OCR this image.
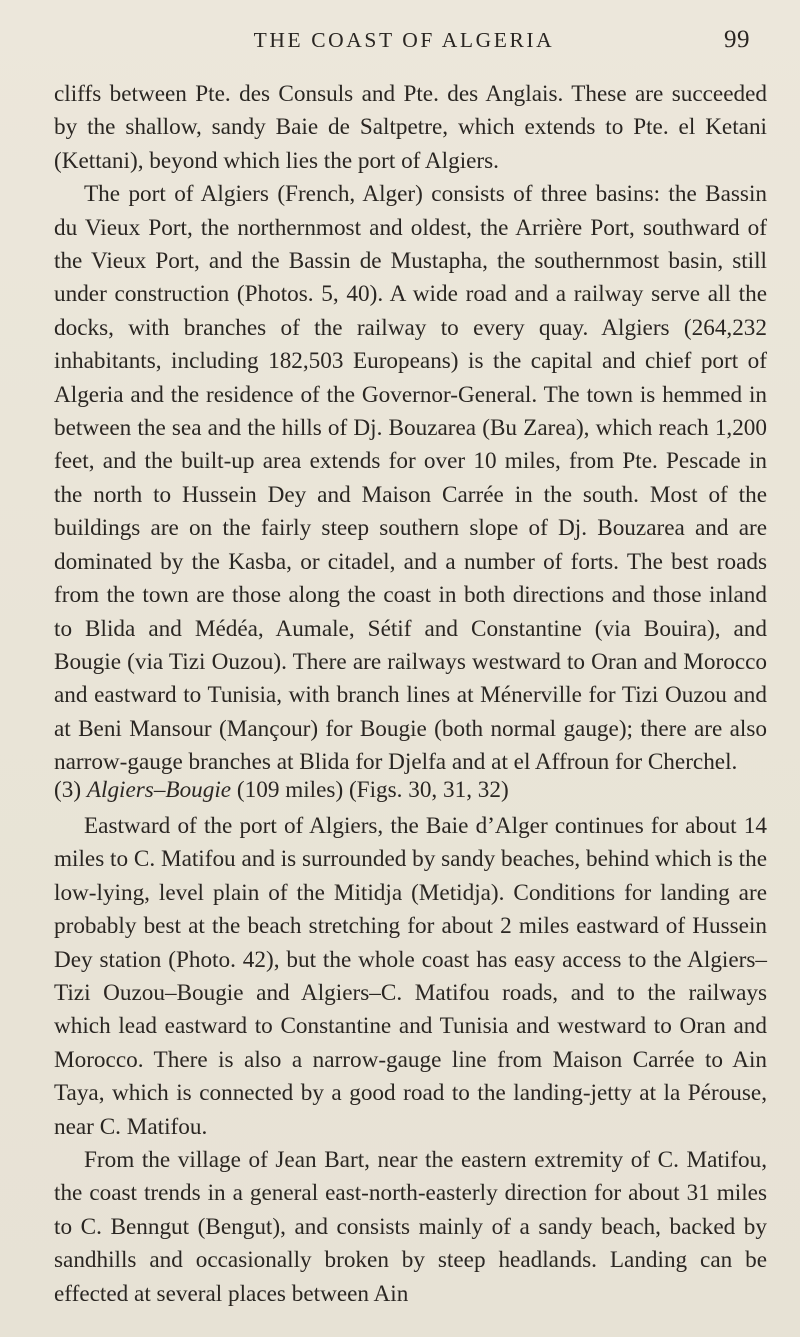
THE COAST OF ALGERIA	99

cliffs between Pte. des Consuls and Pte. des Anglais. These are succeeded by the shallow, sandy Baie de Saltpetre, which extends to Pte. el Ketani (Kettani), beyond which lies the port of Algiers.

The port of Algiers (French, Alger) consists of three basins: the Bassin du Vieux Port, the northernmost and oldest, the Arrière Port, southward of the Vieux Port, and the Bassin de Mustapha, the southernmost basin, still under construction (Photos. 5, 40). A wide road and a railway serve all the docks, with branches of the railway to every quay. Algiers (264,232 inhabitants, including 182,503 Europeans) is the capital and chief port of Algeria and the residence of the Governor-General. The town is hemmed in between the sea and the hills of Dj. Bouzarea (Bu Zarea), which reach 1,200 feet, and the built-up area extends for over 10 miles, from Pte. Pescade in the north to Hussein Dey and Maison Carrée in the south. Most of the buildings are on the fairly steep southern slope of Dj. Bouzarea and are dominated by the Kasba, or citadel, and a number of forts. The best roads from the town are those along the coast in both directions and those inland to Blida and Médéa, Aumale, Sétif and Constantine (via Bouira), and Bougie (via Tizi Ouzou). There are railways westward to Oran and Morocco and eastward to Tunisia, with branch lines at Ménerville for Tizi Ouzou and at Beni Mansour (Mançour) for Bougie (both normal gauge); there are also narrow-gauge branches at Blida for Djelfa and at el Affroun for Cherchel.

(3) Algiers–Bougie (109 miles) (Figs. 30, 31, 32)

Eastward of the port of Algiers, the Baie d’Alger continues for about 14 miles to C. Matifou and is surrounded by sandy beaches, behind which is the low-lying, level plain of the Mitidja (Metidja). Conditions for landing are probably best at the beach stretching for about 2 miles eastward of Hussein Dey station (Photo. 42), but the whole coast has easy access to the Algiers–Tizi Ouzou–Bougie and Algiers–C. Matifou roads, and to the railways which lead eastward to Constantine and Tunisia and westward to Oran and Morocco. There is also a narrow-gauge line from Maison Carrée to Ain Taya, which is connected by a good road to the landing-jetty at la Pérouse, near C. Matifou.

From the village of Jean Bart, near the eastern extremity of C. Matifou, the coast trends in a general east-north-easterly direction for about 31 miles to C. Benngut (Bengut), and consists mainly of a sandy beach, backed by sandhills and occasionally broken by steep headlands. Landing can be effected at several places between Ain
